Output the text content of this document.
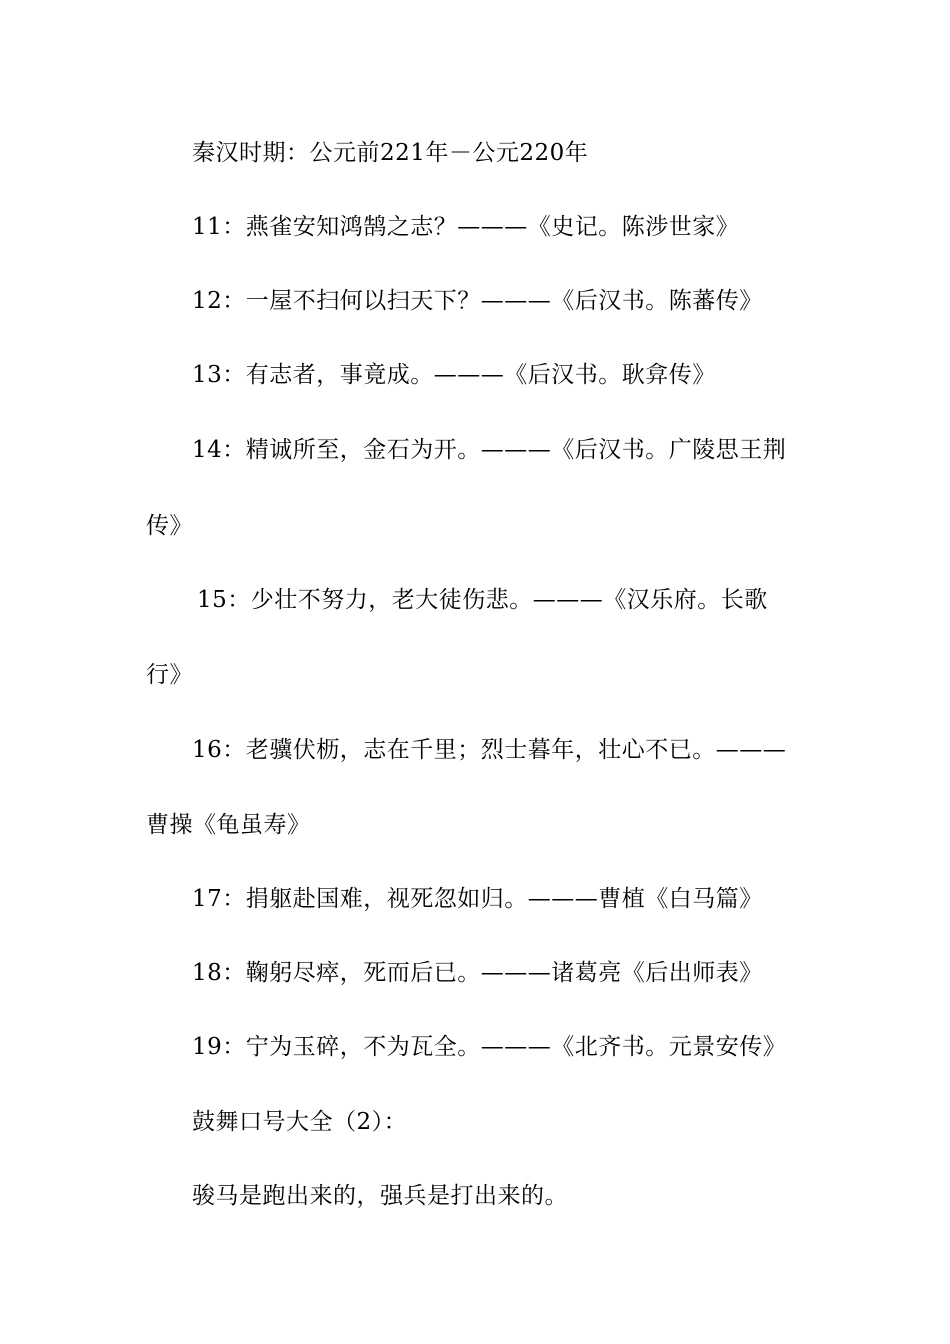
秦汉时期：公元前221年－公元220年
11：燕雀安知鸿鹄之志？———《史记。陈涉世家》
12：一屋不扫何以扫天下？———《后汉书。陈蕃传》
13：有志者，事竟成。———《后汉书。耿弇传》
14：精诚所至，金石为开。———《后汉书。广陵思王荆
传》
15：少壮不努力，老大徒伤悲。———《汉乐府。长歌
行》
16：老骥伏枥，志在千里；烈士暮年，壮心不已。———
曹操《龟虽寿》
17：捐躯赴国难，视死忽如归。———曹植《白马篇》
18：鞠躬尽瘁，死而后已。———诸葛亮《后出师表》
19：宁为玉碎，不为瓦全。———《北齐书。元景安传》
鼓舞口号大全（2）：
骏马是跑出来的，强兵是打出来的。
